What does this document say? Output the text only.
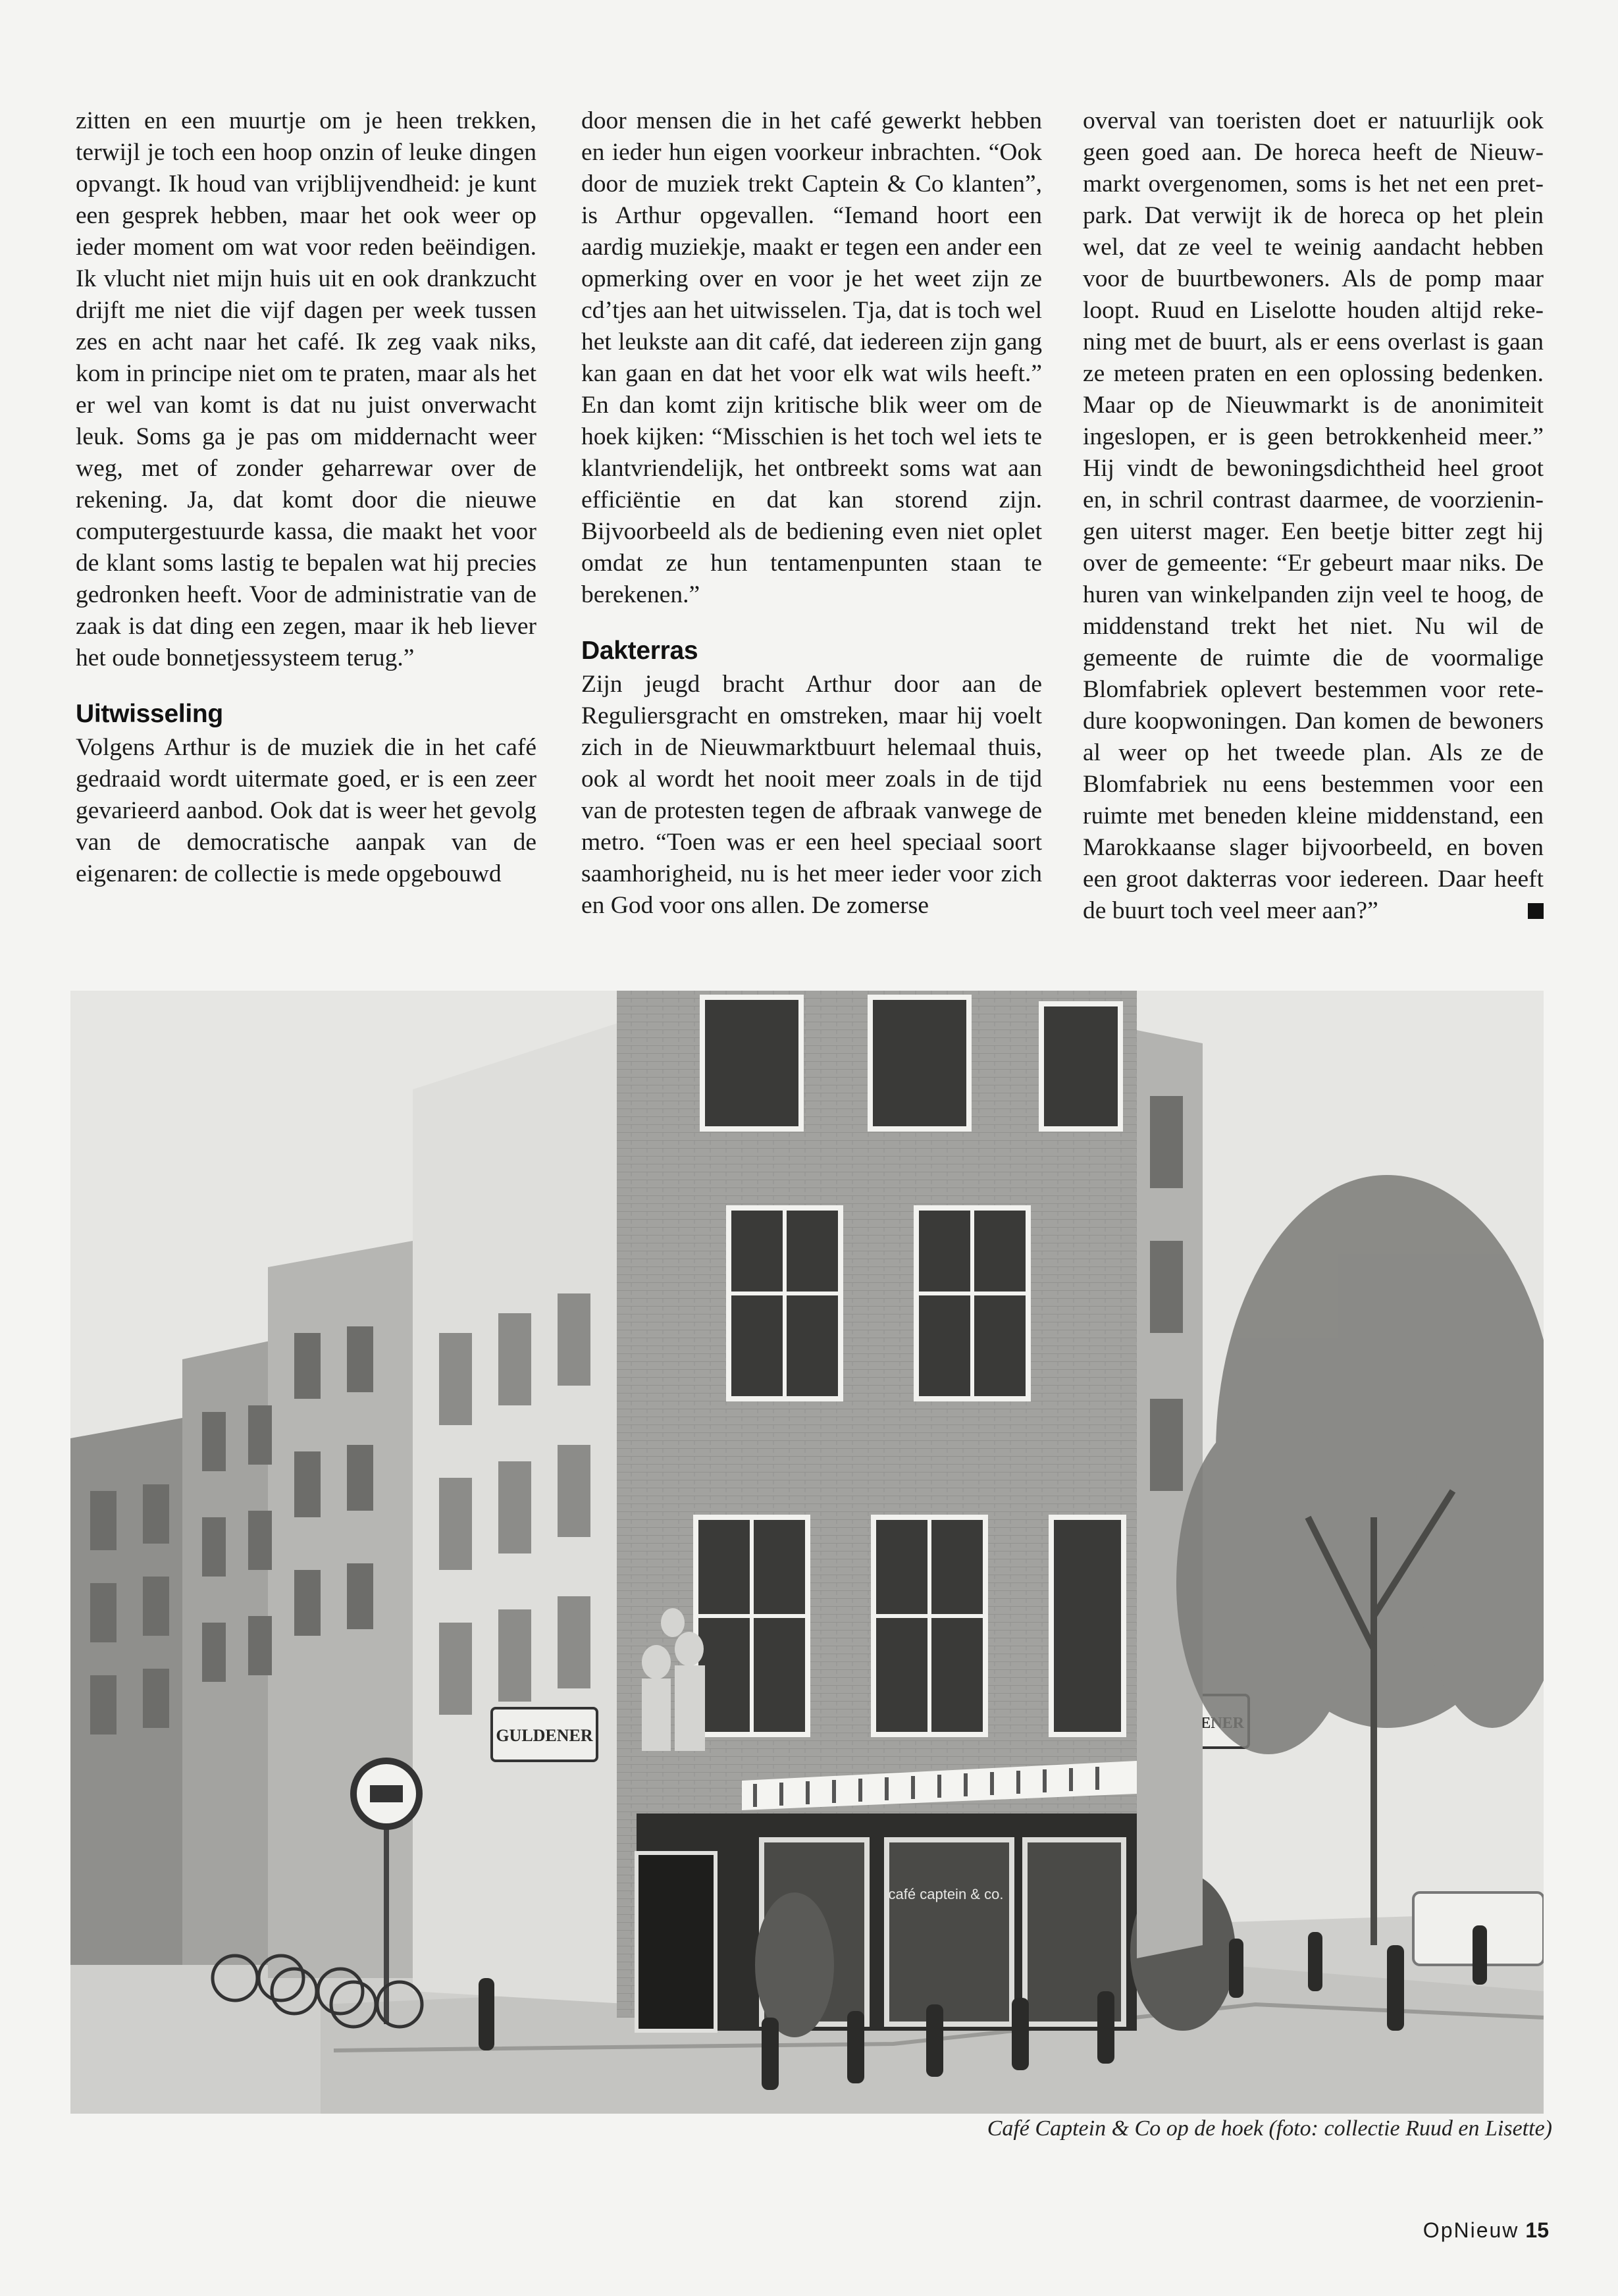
zitten en een muurtje om je heen trekken, terwijl je toch een hoop onzin of leuke dingen opvangt. Ik houd van vrijblijvendheid: je kunt een gesprek hebben, maar het ook weer op ieder moment om wat voor reden beëindigen. Ik vlucht niet mijn huis uit en ook drankzucht drijft me niet die vijf dagen per week tussen zes en acht naar het café. Ik zeg vaak niks, kom in principe niet om te praten, maar als het er wel van komt is dat nu juist onverwacht leuk. Soms ga je pas om middernacht weer weg, met of zonder geharrewar over de rekening. Ja, dat komt door die nieuwe computergestuurde kassa, die maakt het voor de klant soms lastig te bepalen wat hij precies gedronken heeft. Voor de administratie van de zaak is dat ding een zegen, maar ik heb liever het oude bonnetjessysteem terug.”

Uitwisseling

Volgens Arthur is de muziek die in het café gedraaid wordt uitermate goed, er is een zeer gevarieerd aanbod. Ook dat is weer het gevolg van de democratische aanpak van de eigenaren: de collectie is mede opgebouwd

door mensen die in het café gewerkt hebben en ieder hun eigen voorkeur inbrachten. “Ook door de muziek trekt Captein & Co klanten”, is Arthur opgevallen. “Iemand hoort een aardig muziekje, maakt er tegen een ander een opmerking over en voor je het weet zijn ze cd’tjes aan het uitwisselen. Tja, dat is toch wel het leukste aan dit café, dat iedereen zijn gang kan gaan en dat het voor elk wat wils heeft.” En dan komt zijn kritische blik weer om de hoek kijken: “Misschien is het toch wel iets te klantvriendelijk, het ontbreekt soms wat aan efficiëntie en dat kan storend zijn. Bijvoorbeeld als de bediening even niet oplet omdat ze hun tentamenpunten staan te berekenen.”

Dakterras

Zijn jeugd bracht Arthur door aan de Reguliersgracht en omstreken, maar hij voelt zich in de Nieuwmarktbuurt helemaal thuis, ook al wordt het nooit meer zoals in de tijd van de protesten tegen de afbraak vanwege de metro. “Toen was er een heel speciaal soort saamhorigheid, nu is het meer ieder voor zich en God voor ons allen. De zomerse

overval van toeristen doet er natuurlijk ook geen goed aan. De horeca heeft de Nieuwmarkt overgenomen, soms is het net een pretpark. Dat verwijt ik de horeca op het plein wel, dat ze veel te weinig aandacht hebben voor de buurtbewoners. Als de pomp maar loopt. Ruud en Liselotte houden altijd rekening met de buurt, als er eens overlast is gaan ze meteen praten en een oplossing bedenken. Maar op de Nieuwmarkt is de anonimiteit ingeslopen, er is geen betrokkenheid meer.” Hij vindt de bewoningsdichtheid heel groot en, in schril contrast daarmee, de voorzieningen uiterst mager. Een beetje bitter zegt hij over de gemeente: “Er gebeurt maar niks. De huren van winkelpanden zijn veel te hoog, de middenstand trekt het niet. Nu wil de gemeente de ruimte die de voormalige Blomfabriek oplevert bestemmen voor retedure koopwoningen. Dan komen de bewoners al weer op het tweede plan. Als ze de Blomfabriek nu eens bestemmen voor een ruimte met beneden kleine middenstand, een Marokkaanse slager bijvoorbeeld, en boven een groot dakterras voor iedereen. Daar heeft de buurt toch veel meer aan?”

café captein & co.
GULDENER
Café Captein & Co op de hoek (foto: collectie Ruud en Lisette)
OpNieuw 15
